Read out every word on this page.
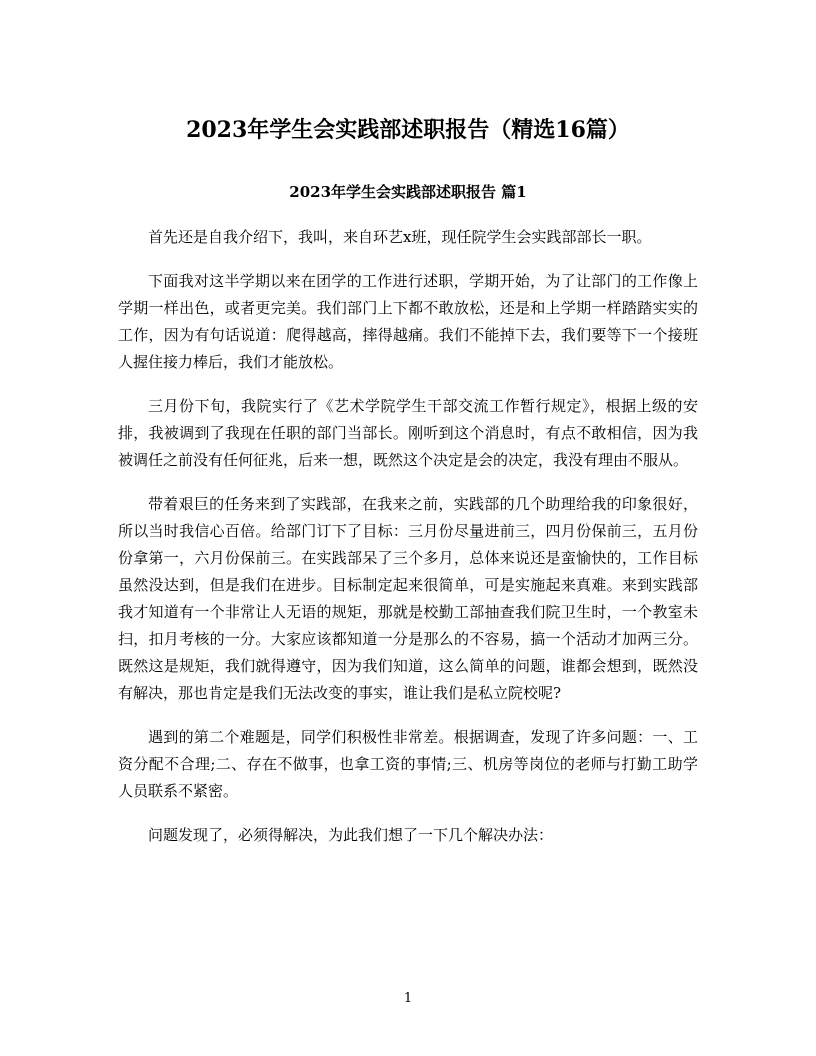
2023年学生会实践部述职报告（精选16篇）
2023年学生会实践部述职报告 篇1

首先还是自我介绍下，我叫，来自环艺x班，现任院学生会实践部部长一职。

下面我对这半学期以来在团学的工作进行述职，学期开始，为了让部门的工作像上学期一样出色，或者更完美。我们部门上下都不敢放松，还是和上学期一样踏踏实实的工作，因为有句话说道：爬得越高，摔得越痛。我们不能掉下去，我们要等下一个接班人握住接力棒后，我们才能放松。

三月份下旬，我院实行了《艺术学院学生干部交流工作暂行规定》，根据上级的安排，我被调到了我现在任职的部门当部长。刚听到这个消息时，有点不敢相信，因为我被调任之前没有任何征兆，后来一想，既然这个决定是会的决定，我没有理由不服从。

带着艰巨的任务来到了实践部，在我来之前，实践部的几个助理给我的印象很好，所以当时我信心百倍。给部门订下了目标：三月份尽量进前三，四月份保前三，五月份份拿第一，六月份保前三。在实践部呆了三个多月，总体来说还是蛮愉快的，工作目标虽然没达到，但是我们在进步。目标制定起来很简单，可是实施起来真难。来到实践部我才知道有一个非常让人无语的规矩，那就是校勤工部抽查我们院卫生时，一个教室未扫，扣月考核的一分。大家应该都知道一分是那么的不容易，搞一个活动才加两三分。既然这是规矩，我们就得遵守，因为我们知道，这么简单的问题，谁都会想到，既然没有解决，那也肯定是我们无法改变的事实，谁让我们是私立院校呢?

遇到的第二个难题是，同学们积极性非常差。根据调查，发现了许多问题：一、工资分配不合理;二、存在不做事，也拿工资的事情;三、机房等岗位的老师与打勤工助学人员联系不紧密。

问题发现了，必须得解决，为此我们想了一下几个解决办法：

1
